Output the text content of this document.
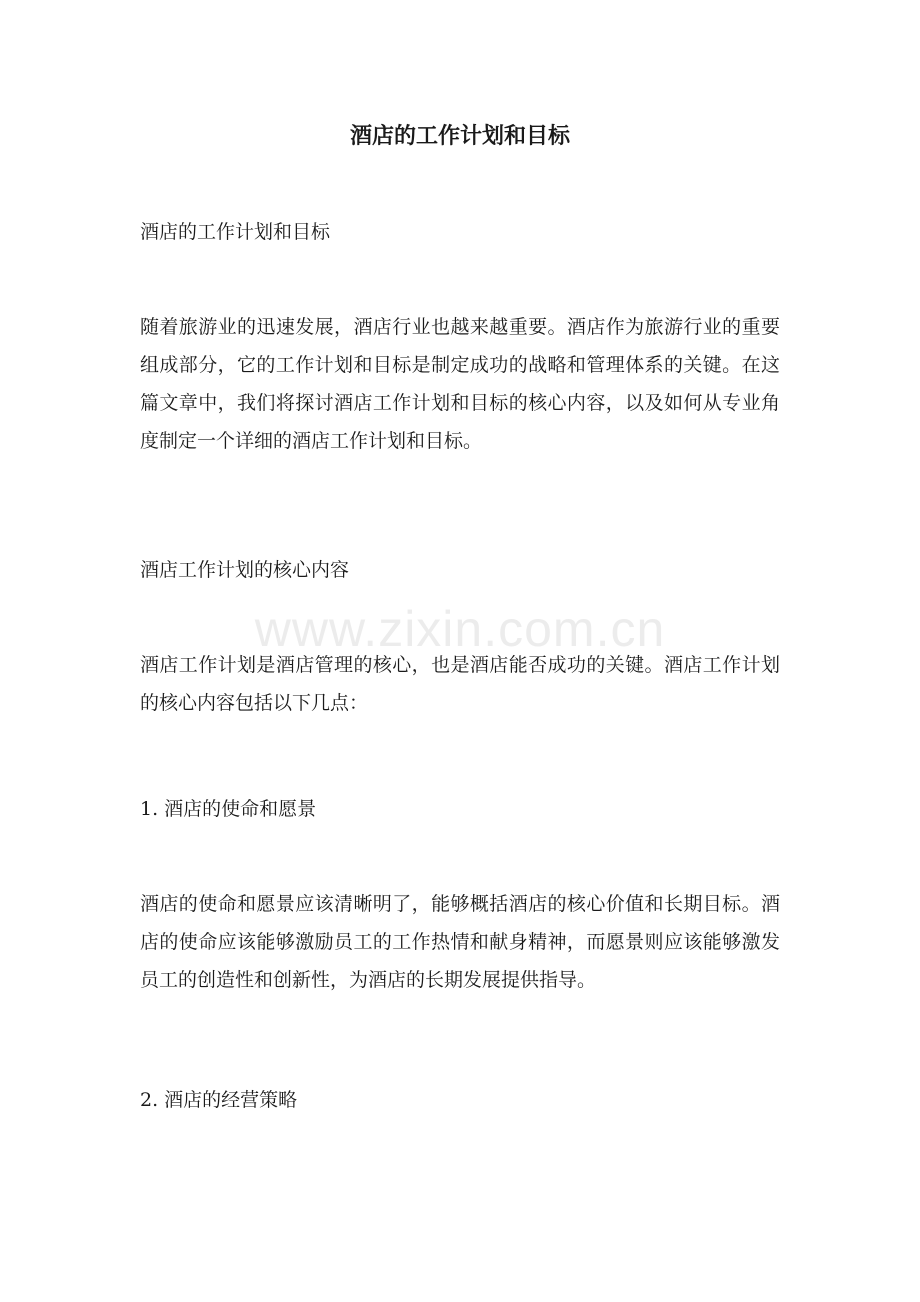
酒店的工作计划和目标

酒店的工作计划和目标

随着旅游业的迅速发展，酒店行业也越来越重要。酒店作为旅游行业的重要组成部分，它的工作计划和目标是制定成功的战略和管理体系的关键。在这篇文章中，我们将探讨酒店工作计划和目标的核心内容，以及如何从专业角度制定一个详细的酒店工作计划和目标。

酒店工作计划的核心内容

酒店工作计划是酒店管理的核心，也是酒店能否成功的关键。酒店工作计划的核心内容包括以下几点：

1. 酒店的使命和愿景

酒店的使命和愿景应该清晰明了，能够概括酒店的核心价值和长期目标。酒店的使命应该能够激励员工的工作热情和献身精神，而愿景则应该能够激发员工的创造性和创新性，为酒店的长期发展提供指导。

2. 酒店的经营策略

www.zixin.com.cn
